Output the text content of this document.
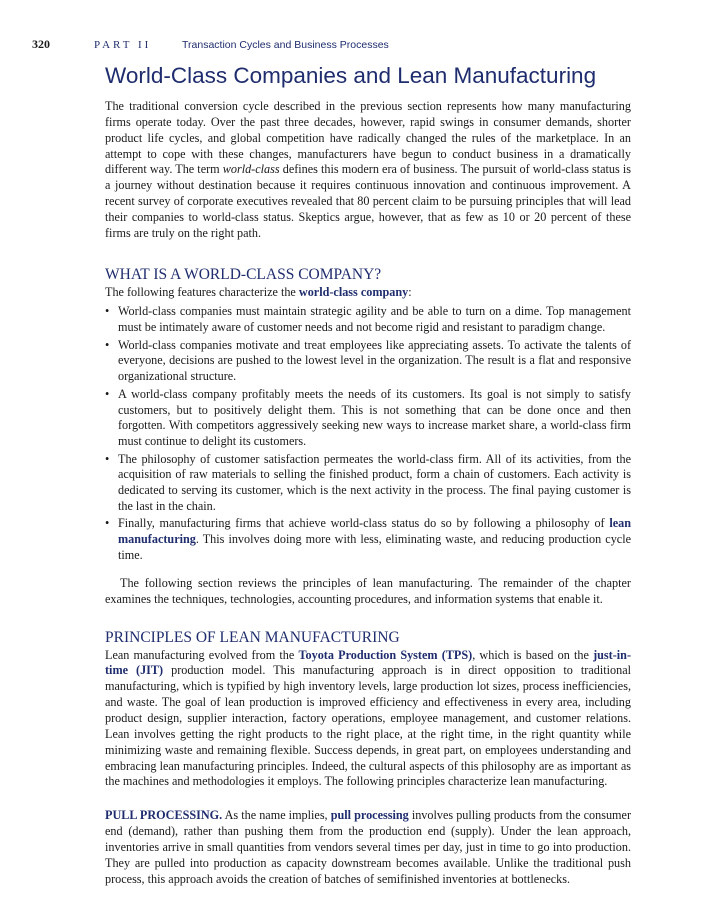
320	PART II	Transaction Cycles and Business Processes
World-Class Companies and Lean Manufacturing

The traditional conversion cycle described in the previous section represents how many manufacturing firms operate today. Over the past three decades, however, rapid swings in consumer demands, shorter product life cycles, and global competition have radically changed the rules of the marketplace. In an attempt to cope with these changes, manufacturers have begun to conduct business in a dramatically different way. The term world-class defines this modern era of business. The pursuit of world-class status is a journey without destination because it requires continuous innovation and continuous improvement. A recent survey of corporate executives revealed that 80 percent claim to be pursuing principles that will lead their companies to world-class status. Skeptics argue, however, that as few as 10 or 20 percent of these firms are truly on the right path.

WHAT IS A WORLD-CLASS COMPANY?

The following features characterize the world-class company:

• World-class companies must maintain strategic agility and be able to turn on a dime. Top management must be intimately aware of customer needs and not become rigid and resistant to paradigm change.
• World-class companies motivate and treat employees like appreciating assets. To activate the talents of everyone, decisions are pushed to the lowest level in the organization. The result is a flat and responsive organizational structure.
• A world-class company profitably meets the needs of its customers. Its goal is not simply to satisfy customers, but to positively delight them. This is not something that can be done once and then forgotten. With competitors aggressively seeking new ways to increase market share, a world-class firm must continue to delight its customers.
• The philosophy of customer satisfaction permeates the world-class firm. All of its activities, from the acquisition of raw materials to selling the finished product, form a chain of customers. Each activity is dedicated to serving its customer, which is the next activity in the process. The final paying customer is the last in the chain.
• Finally, manufacturing firms that achieve world-class status do so by following a philosophy of lean manufacturing. This involves doing more with less, eliminating waste, and reducing production cycle time.

The following section reviews the principles of lean manufacturing. The remainder of the chapter examines the techniques, technologies, accounting procedures, and information systems that enable it.

PRINCIPLES OF LEAN MANUFACTURING

Lean manufacturing evolved from the Toyota Production System (TPS), which is based on the just-in-time (JIT) production model. This manufacturing approach is in direct opposition to traditional manufacturing, which is typified by high inventory levels, large production lot sizes, process inefficiencies, and waste. The goal of lean production is improved efficiency and effectiveness in every area, including product design, supplier interaction, factory operations, employee management, and customer relations. Lean involves getting the right products to the right place, at the right time, in the right quantity while minimizing waste and remaining flexible. Success depends, in great part, on employees understanding and embracing lean manufacturing principles. Indeed, the cultural aspects of this philosophy are as important as the machines and methodologies it employs. The following principles characterize lean manufacturing.

PULL PROCESSING. As the name implies, pull processing involves pulling products from the consumer end (demand), rather than pushing them from the production end (supply). Under the lean approach, inventories arrive in small quantities from vendors several times per day, just in time to go into production. They are pulled into production as capacity downstream becomes available. Unlike the traditional push process, this approach avoids the creation of batches of semifinished inventories at bottlenecks.
